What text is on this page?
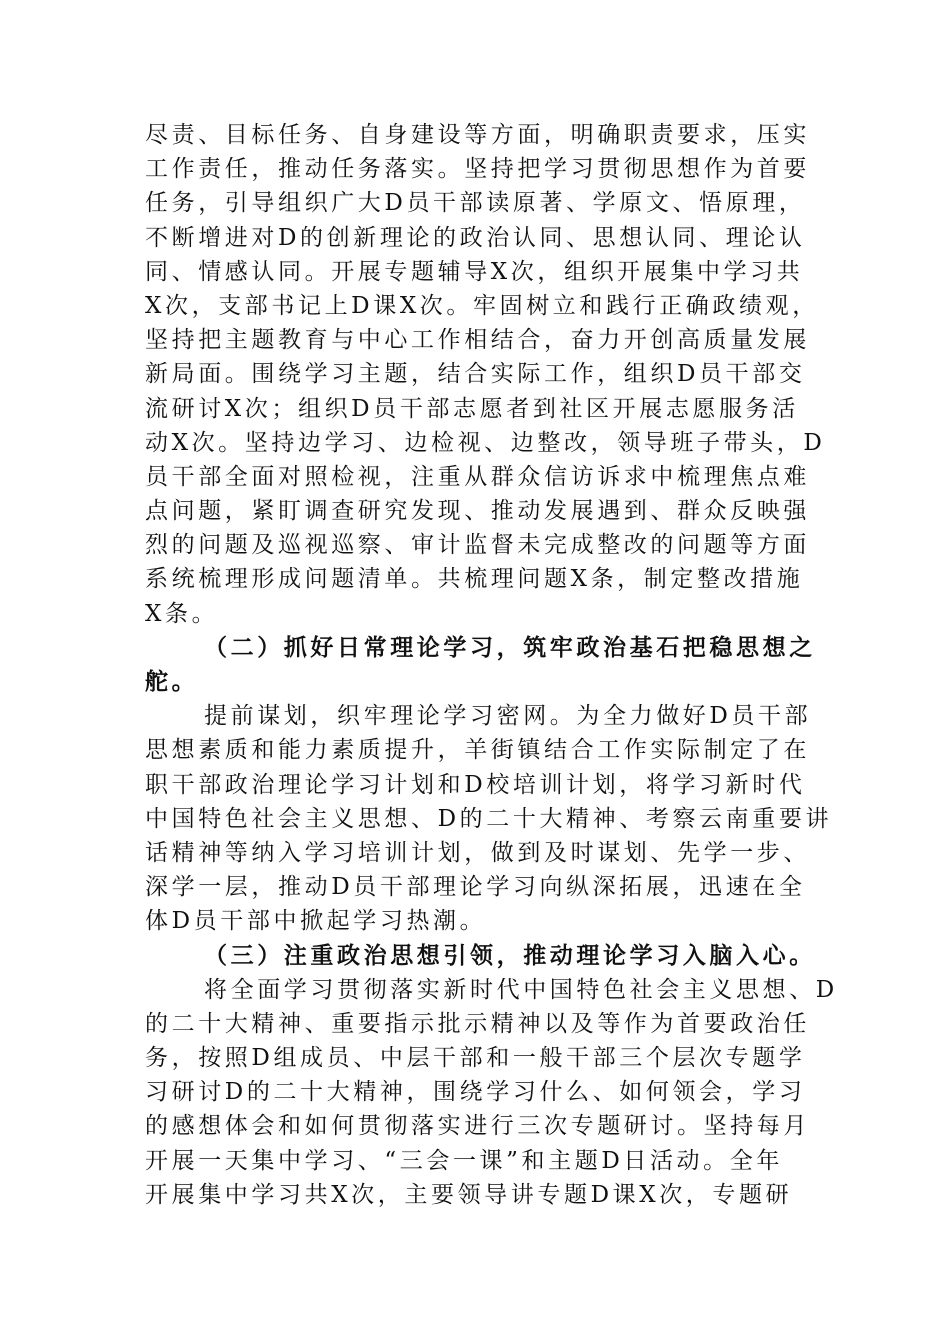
尽责、目标任务、自身建设等方面，明确职责要求，压实
工作责任，推动任务落实。坚持把学习贯彻思想作为首要
任务，引导组织广大D员干部读原著、学原文、悟原理，
不断增进对D的创新理论的政治认同、思想认同、理论认
同、情感认同。开展专题辅导X次，组织开展集中学习共
X次，支部书记上D课X次。牢固树立和践行正确政绩观，
坚持把主题教育与中心工作相结合，奋力开创高质量发展
新局面。围绕学习主题，结合实际工作，组织D员干部交
流研讨X次；组织D员干部志愿者到社区开展志愿服务活
动X次。坚持边学习、边检视、边整改，领导班子带头，D
员干部全面对照检视，注重从群众信访诉求中梳理焦点难
点问题，紧盯调查研究发现、推动发展遇到、群众反映强
烈的问题及巡视巡察、审计监督未完成整改的问题等方面
系统梳理形成问题清单。共梳理问题X条，制定整改措施
X条。
（二）抓好日常理论学习，筑牢政治基石把稳思想之
舵。
提前谋划，织牢理论学习密网。为全力做好D员干部
思想素质和能力素质提升，羊街镇结合工作实际制定了在
职干部政治理论学习计划和D校培训计划，将学习新时代
中国特色社会主义思想、D的二十大精神、考察云南重要讲
话精神等纳入学习培训计划，做到及时谋划、先学一步、
深学一层，推动D员干部理论学习向纵深拓展，迅速在全
体D员干部中掀起学习热潮。
（三）注重政治思想引领，推动理论学习入脑入心。
将全面学习贯彻落实新时代中国特色社会主义思想、D
的二十大精神、重要指示批示精神以及等作为首要政治任
务，按照D组成员、中层干部和一般干部三个层次专题学
习研讨D的二十大精神，围绕学习什么、如何领会，学习
的感想体会和如何贯彻落实进行三次专题研讨。坚持每月
开展一天集中学习、“三会一课”和主题D日活动。全年
开展集中学习共X次，主要领导讲专题D课X次，专题研
